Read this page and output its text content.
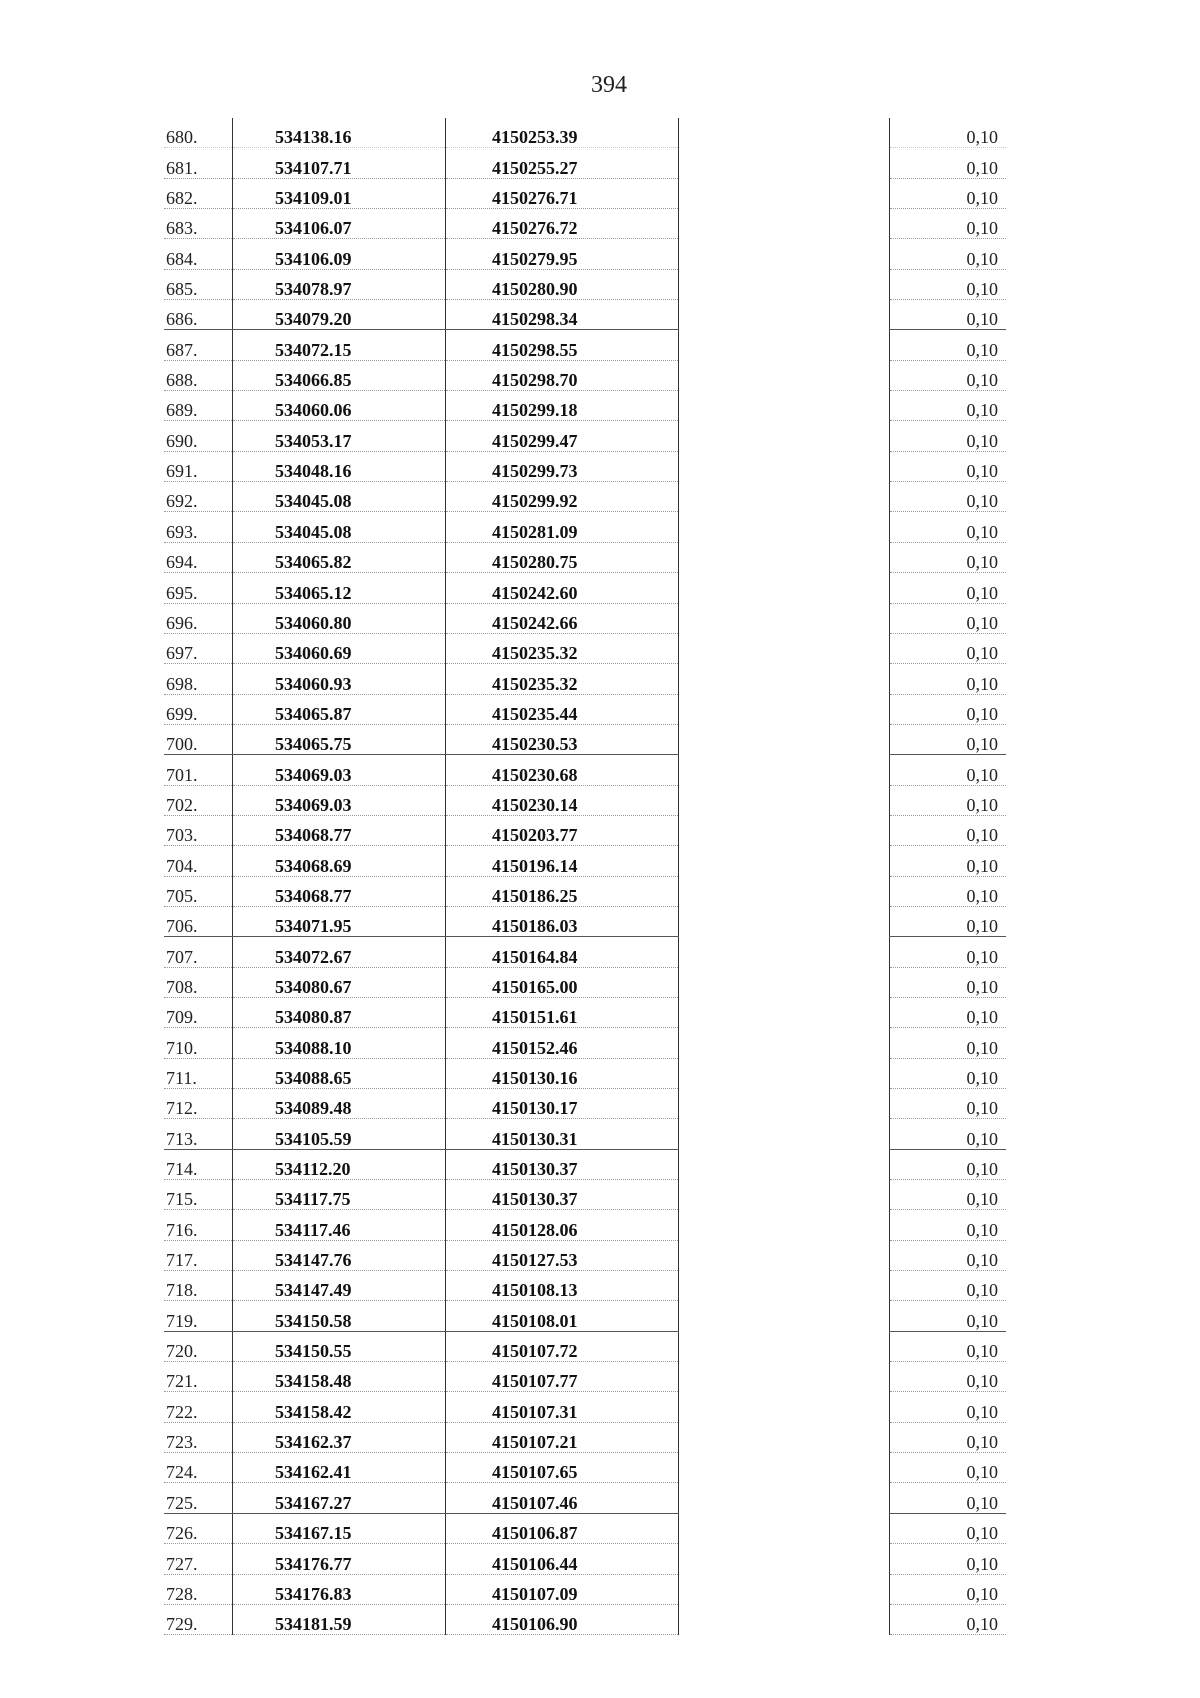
394
680.	534138.16	4150253.39		0,10
681.	534107.71	4150255.27		0,10
682.	534109.01	4150276.71		0,10
683.	534106.07	4150276.72		0,10
684.	534106.09	4150279.95		0,10
685.	534078.97	4150280.90		0,10
686.	534079.20	4150298.34		0,10
687.	534072.15	4150298.55		0,10
688.	534066.85	4150298.70		0,10
689.	534060.06	4150299.18		0,10
690.	534053.17	4150299.47		0,10
691.	534048.16	4150299.73		0,10
692.	534045.08	4150299.92		0,10
693.	534045.08	4150281.09		0,10
694.	534065.82	4150280.75		0,10
695.	534065.12	4150242.60		0,10
696.	534060.80	4150242.66		0,10
697.	534060.69	4150235.32		0,10
698.	534060.93	4150235.32		0,10
699.	534065.87	4150235.44		0,10
700.	534065.75	4150230.53		0,10
701.	534069.03	4150230.68		0,10
702.	534069.03	4150230.14		0,10
703.	534068.77	4150203.77		0,10
704.	534068.69	4150196.14		0,10
705.	534068.77	4150186.25		0,10
706.	534071.95	4150186.03		0,10
707.	534072.67	4150164.84		0,10
708.	534080.67	4150165.00		0,10
709.	534080.87	4150151.61		0,10
710.	534088.10	4150152.46		0,10
711.	534088.65	4150130.16		0,10
712.	534089.48	4150130.17		0,10
713.	534105.59	4150130.31		0,10
714.	534112.20	4150130.37		0,10
715.	534117.75	4150130.37		0,10
716.	534117.46	4150128.06		0,10
717.	534147.76	4150127.53		0,10
718.	534147.49	4150108.13		0,10
719.	534150.58	4150108.01		0,10
720.	534150.55	4150107.72		0,10
721.	534158.48	4150107.77		0,10
722.	534158.42	4150107.31		0,10
723.	534162.37	4150107.21		0,10
724.	534162.41	4150107.65		0,10
725.	534167.27	4150107.46		0,10
726.	534167.15	4150106.87		0,10
727.	534176.77	4150106.44		0,10
728.	534176.83	4150107.09		0,10
729.	534181.59	4150106.90		0,10
